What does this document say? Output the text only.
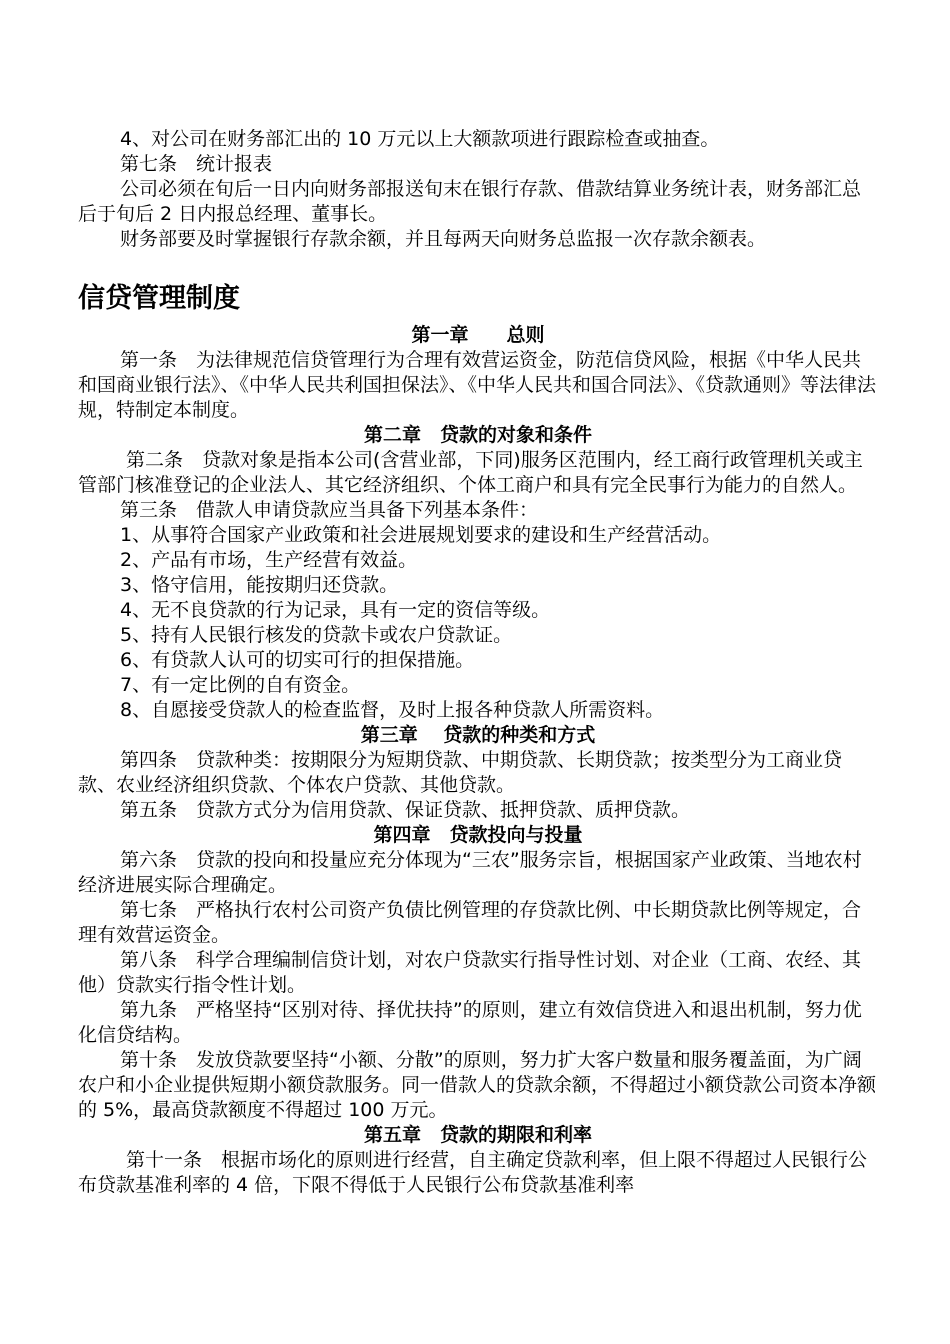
4、对公司在财务部汇出的 10 万元以上大额款项进行跟踪检查或抽查。

第七条　统计报表

公司必须在旬后一日内向财务部报送旬末在银行存款、借款结算业务统计表，财务部汇总后于旬后 2 日内报总经理、董事长。

财务部要及时掌握银行存款余额，并且每两天向财务总监报一次存款余额表。

信贷管理制度
第一章　　总则

第一条　为法律规范信贷管理行为合理有效营运资金，防范信贷风险，根据《中华人民共和国商业银行法》、《中华人民共利国担保法》、《中华人民共和国合同法》、《贷款通则》等法律法规，特制定本制度。

第二章　贷款的对象和条件

第二条　贷款对象是指本公司(含营业部，下同)服务区范围内，经工商行政管理机关或主管部门核准登记的企业法人、其它经济组织、个体工商户和具有完全民事行为能力的自然人。

第三条　借款人申请贷款应当具备下列基本条件：

1、从事符合国家产业政策和社会进展规划要求的建设和生产经营活动。

2、产品有市场，生产经营有效益。

3、恪守信用，能按期归还贷款。

4、无不良贷款的行为记录，具有一定的资信等级。

5、持有人民银行核发的贷款卡或农户贷款证。

6、有贷款人认可的切实可行的担保措施。

7、有一定比例的自有资金。

8、自愿接受贷款人的检查监督，及时上报各种贷款人所需资料。

第三章　 贷款的种类和方式

第四条　贷款种类：按期限分为短期贷款、中期贷款、长期贷款；按类型分为工商业贷款、农业经济组织贷款、个体农户贷款、其他贷款。

第五条　贷款方式分为信用贷款、保证贷款、抵押贷款、质押贷款。

第四章　贷款投向与投量

第六条　贷款的投向和投量应充分体现为“三农”服务宗旨，根据国家产业政策、当地农村经济进展实际合理确定。

第七条　严格执行农村公司资产负债比例管理的存贷款比例、中长期贷款比例等规定，合理有效营运资金。

第八条　科学合理编制信贷计划，对农户贷款实行指导性讨划、对企业（工商、农经、其他）贷款实行指令性计划。

第九条　严格坚持“区别对待、择优扶持”的原则，建立有效信贷进入和退出机制，努力优化信贷结构。

第十条　发放贷款要坚持“小额、分散”的原则，努力扩大客户数量和服务覆盖面，为广阔农户和小企业提供短期小额贷款服务。同一借款人的贷款余额，不得超过小额贷款公司资本净额的 5%，最高贷款额度不得超过 100 万元。

第五章　贷款的期限和利率

第十一条　根据市场化的原则进行经营，自主确定贷款利率，但上限不得超过人民银行公布贷款基准利率的 4 倍，下限不得低于人民银行公布贷款基准利率
